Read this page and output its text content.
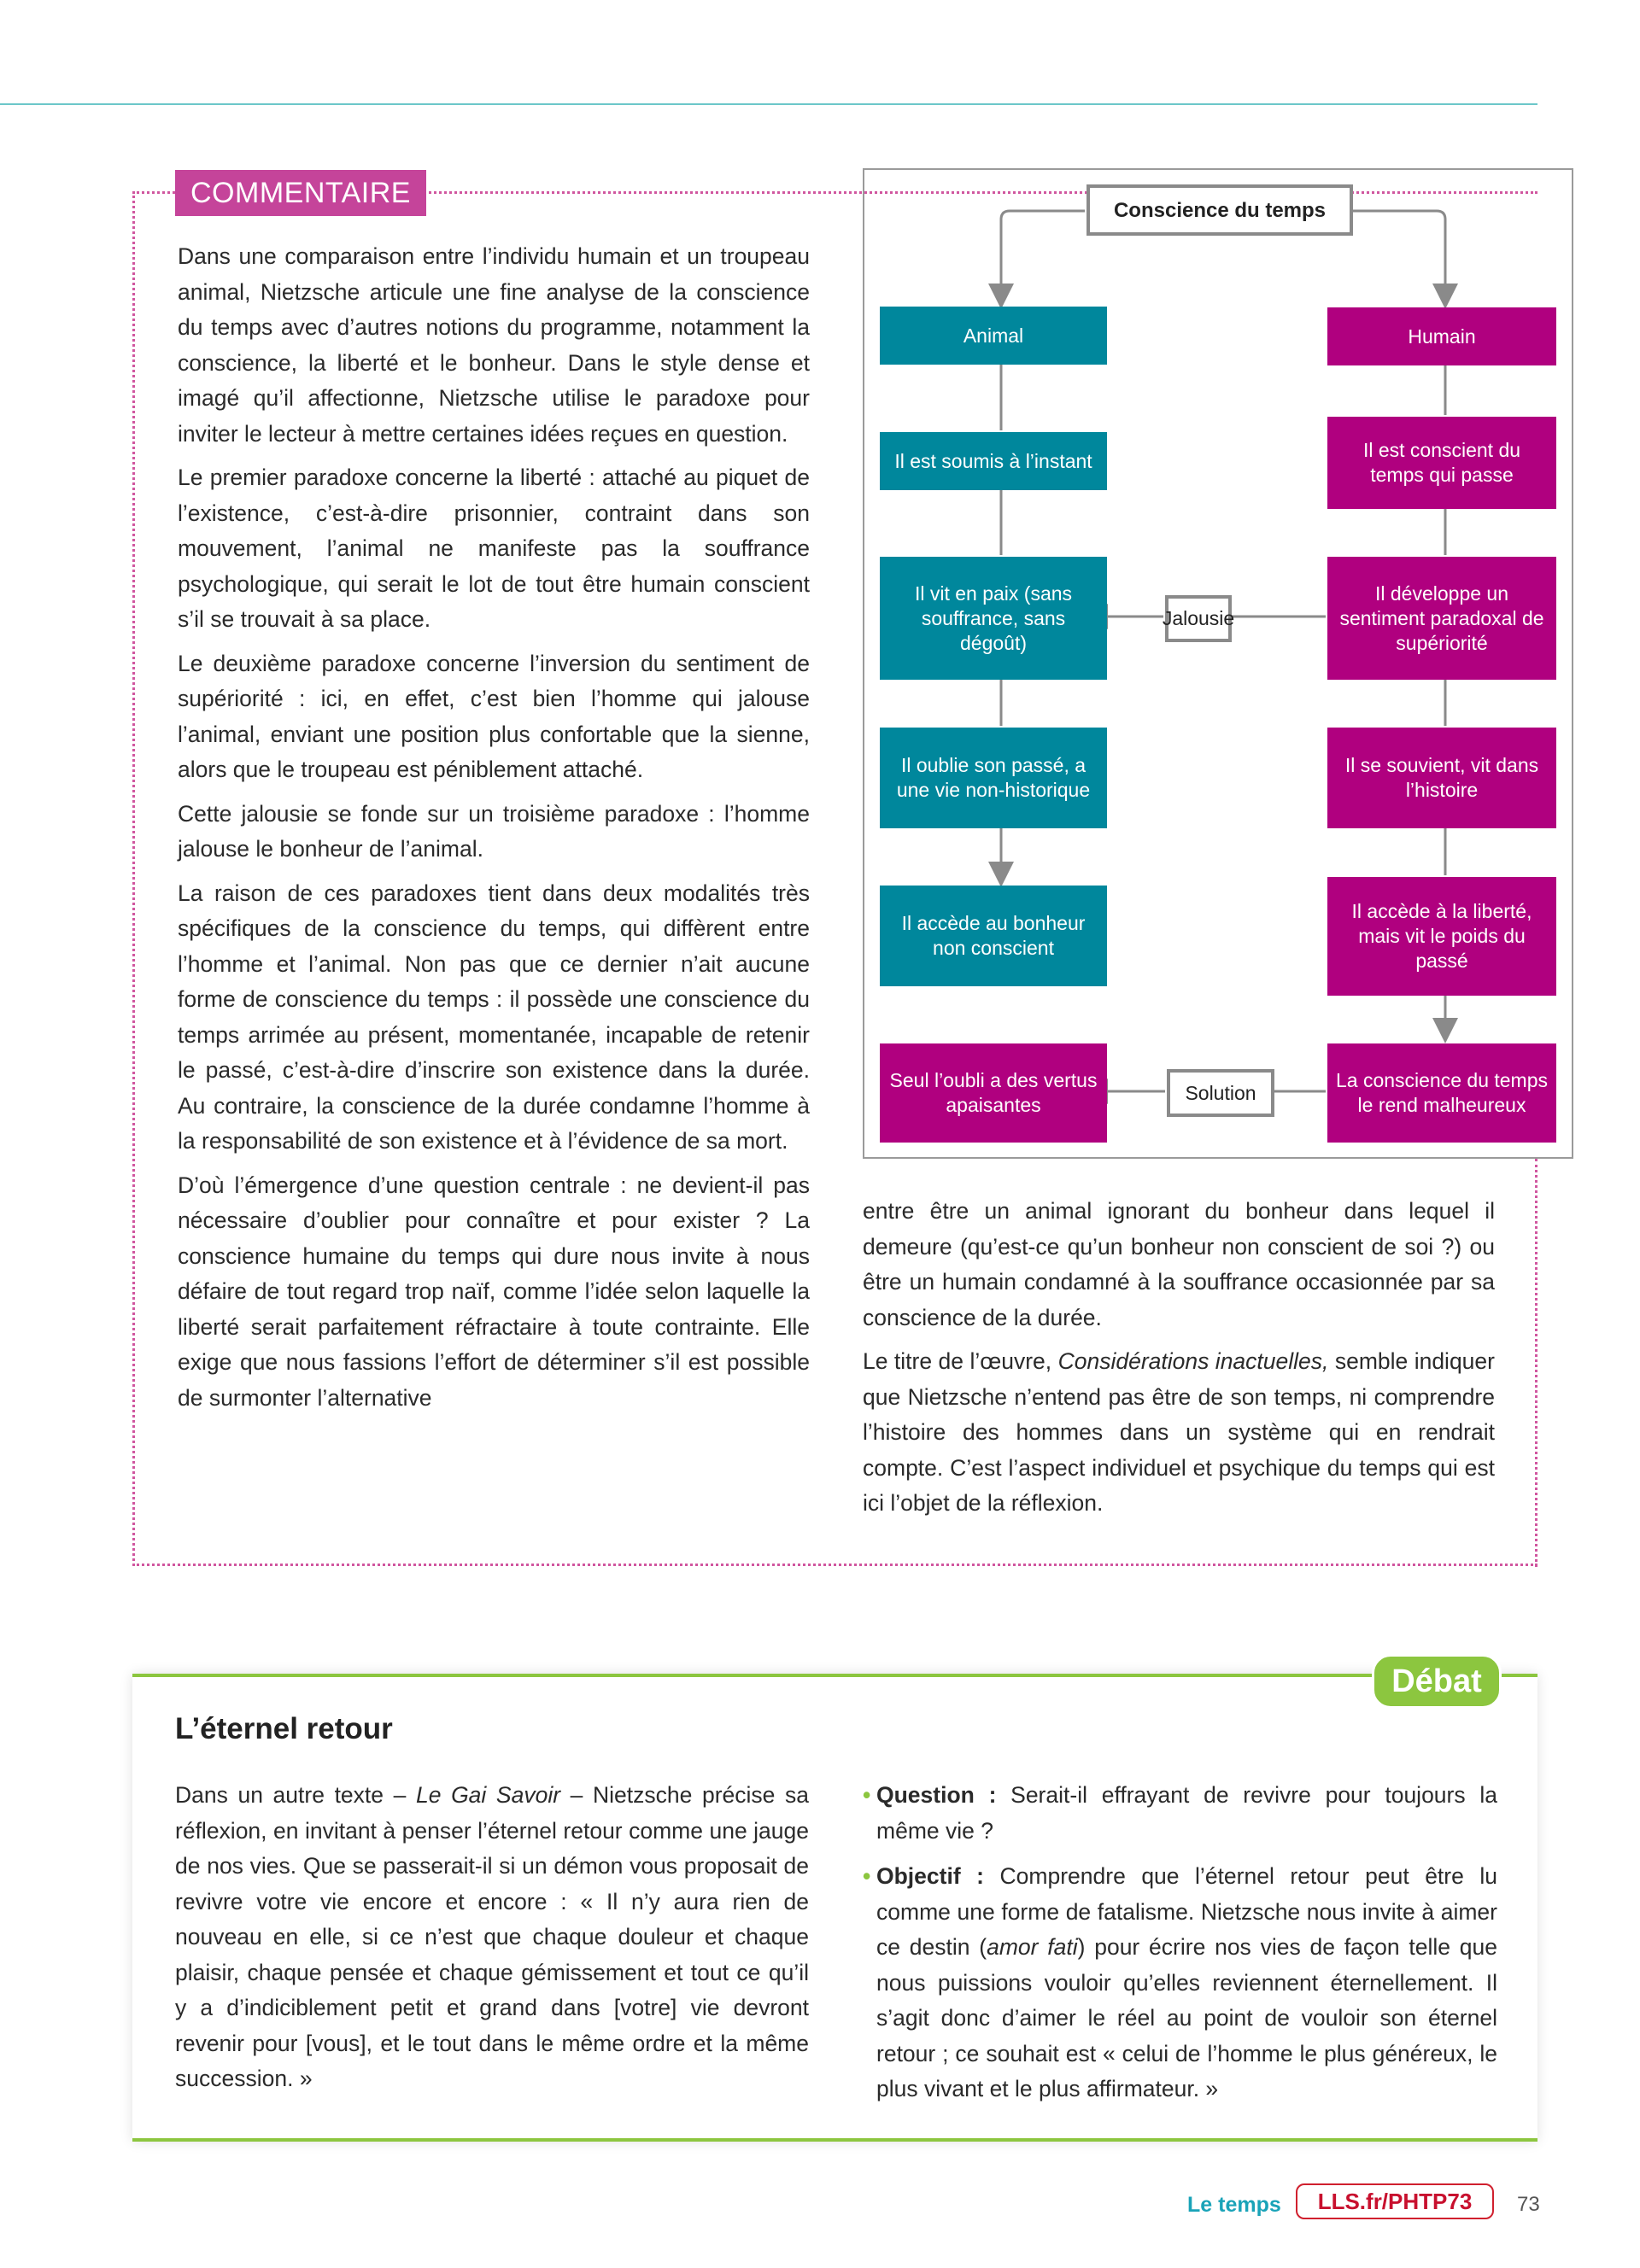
COMMENTAIRE

Dans une comparaison entre l’individu humain et un troupeau animal, Nietzsche articule une fine analyse de la conscience du temps avec d’autres notions du programme, notamment la conscience, la liberté et le bonheur. Dans le style dense et imagé qu’il affectionne, Nietzsche utilise le paradoxe pour inviter le lecteur à mettre certaines idées reçues en question.

Le premier paradoxe concerne la liberté : attaché au piquet de l’existence, c’est-à-dire prisonnier, contraint dans son mouvement, l’animal ne manifeste pas la souffrance psychologique, qui serait le lot de tout être humain conscient s’il se trouvait à sa place.

Le deuxième paradoxe concerne l’inversion du sentiment de supériorité : ici, en effet, c’est bien l’homme qui jalouse l’animal, enviant une position plus confortable que la sienne, alors que le troupeau est péniblement attaché.

Cette jalousie se fonde sur un troisième paradoxe : l’homme jalouse le bonheur de l’animal.

La raison de ces paradoxes tient dans deux modalités très spécifiques de la conscience du temps, qui diffèrent entre l’homme et l’animal. Non pas que ce dernier n’ait aucune forme de conscience du temps : il possède une conscience du temps arrimée au présent, momentanée, incapable de retenir le passé, c’est-à-dire d’inscrire son existence dans la durée. Au contraire, la conscience de la durée condamne l’homme à la responsabilité de son existence et à l’évidence de sa mort.

D’où l’émergence d’une question centrale : ne devient-il pas nécessaire d’oublier pour connaître et pour exister ? La conscience humaine du temps qui dure nous invite à nous défaire de tout regard trop naïf, comme l’idée selon laquelle la liberté serait parfaitement réfractaire à toute contrainte. Elle exige que nous fassions l’effort de déterminer s’il est possible de surmonter l’alternative

entre être un animal ignorant du bonheur dans lequel il demeure (qu’est-ce qu’un bonheur non conscient de soi ?) ou être un humain condamné à la souffrance occasionnée par sa conscience de la durée.

Le titre de l’œuvre, Considérations inactuelles, semble indiquer que Nietzsche n’entend pas être de son temps, ni comprendre l’histoire des hommes dans un système qui en rendrait compte. C’est l’aspect individuel et psychique du temps qui est ici l’objet de la réflexion.

Conscience du temps
Animal
Il est soumis à l’instant
Il vit en paix (sans souffrance, sans dégoût)
Il oublie son passé, a une vie non-historique
Il accède au bonheur non conscient
Seul l’oubli a des vertus apaisantes
Humain
Il est conscient du temps qui passe
Il développe un sentiment paradoxal de supériorité
Il se souvient, vit dans l’histoire
Il accède à la liberté, mais vit le poids du passé
La conscience du temps le rend malheureux
Jalousie
Solution
Débat
L’éternel retour
Dans un autre texte – Le Gai Savoir – Nietzsche précise sa réflexion, en invitant à penser l’éternel retour comme une jauge de nos vies. Que se passerait-il si un démon vous proposait de revivre votre vie encore et encore : « Il n’y aura rien de nouveau en elle, si ce n’est que chaque douleur et chaque plaisir, chaque pensée et chaque gémissement et tout ce qu’il y a d’indiciblement petit et grand dans [votre] vie devront revenir pour [vous], et le tout dans le même ordre et la même succession. »

• Question : Serait-il effrayant de revivre pour toujours la même vie ?

• Objectif : Comprendre que l’éternel retour peut être lu comme une forme de fatalisme. Nietzsche nous invite à aimer ce destin (amor fati) pour écrire nos vies de façon telle que nous puissions vouloir qu’elles reviennent éternellement. Il s’agit donc d’aimer le réel au point de vouloir son éternel retour ; ce souhait est « celui de l’homme le plus généreux, le plus vivant et le plus affirmateur. »

Le temps	LLS.fr/PHTP73	73
